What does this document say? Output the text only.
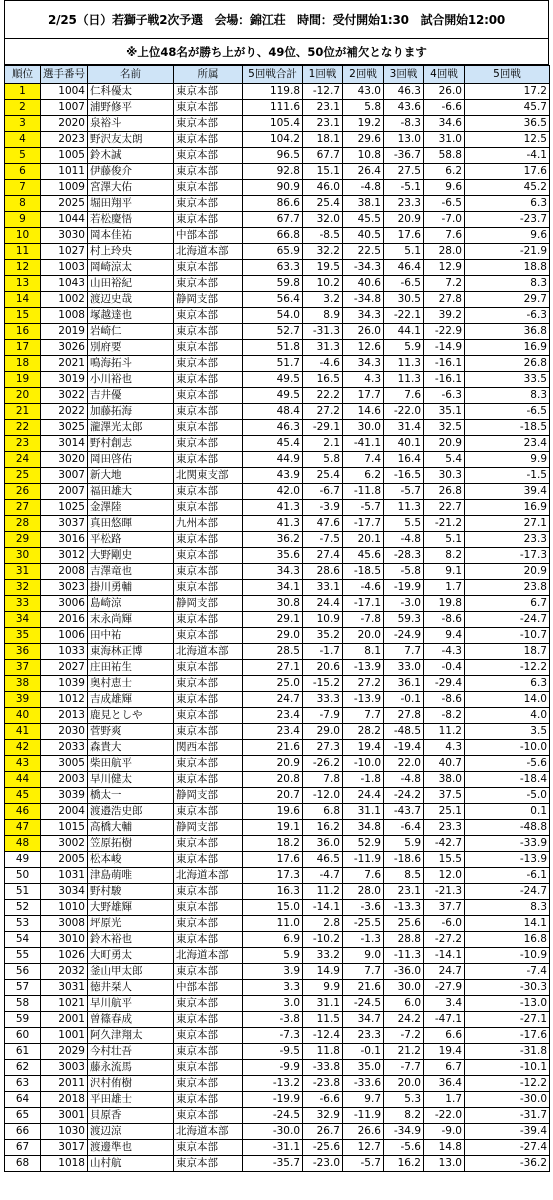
2/25（日）若獅子戦2次予選　会場：錦江荘　時間：受付開始1:30　試合開始12:00
※上位48名が勝ち上がり、49位、50位が補欠となります
順位	選手番号	名前	所属	5回戦合計	1回戦	2回戦	3回戦	4回戦	5回戦
1	1004	仁科優太	東京本部	119.8	-12.7	43.0	46.3	26.0	17.2
2	1007	浦野修平	東京本部	111.6	23.1	5.8	43.6	-6.6	45.7
3	2020	泉裕斗	東京本部	105.4	23.1	19.2	-8.3	34.6	36.5
4	2023	野沢友太朗	東京本部	104.2	18.1	29.6	13.0	31.0	12.5
5	1005	鈴木誠	東京本部	96.5	67.7	10.8	-36.7	58.8	-4.1
6	1011	伊藤俊介	東京本部	92.8	15.1	26.4	27.5	6.2	17.6
7	1009	宮澤大佑	東京本部	90.9	46.0	-4.8	-5.1	9.6	45.2
8	2025	堀田翔平	東京本部	86.6	25.4	38.1	23.3	-6.5	6.3
9	1044	若松慶悟	東京本部	67.7	32.0	45.5	20.9	-7.0	-23.7
10	3030	岡本佳祐	中部本部	66.8	-8.5	40.5	17.6	7.6	9.6
11	1027	村上玲央	北海道本部	65.9	32.2	22.5	5.1	28.0	-21.9
12	1003	岡崎涼太	東京本部	63.3	19.5	-34.3	46.4	12.9	18.8
13	1043	山田裕紀	東京本部	59.8	10.2	40.6	-6.5	7.2	8.3
14	1002	渡辺史哉	静岡支部	56.4	3.2	-34.8	30.5	27.8	29.7
15	1008	塚越達也	東京本部	54.0	8.9	34.3	-22.1	39.2	-6.3
16	2019	岩崎仁	東京本部	52.7	-31.3	26.0	44.1	-22.9	36.8
17	3026	別府要	東京本部	51.8	31.3	12.6	5.9	-14.9	16.9
18	2021	鳴海拓斗	東京本部	51.7	-4.6	34.3	11.3	-16.1	26.8
19	3019	小川裕也	東京本部	49.5	16.5	4.3	11.3	-16.1	33.5
20	3022	吉井優	東京本部	49.5	22.2	17.7	7.6	-6.3	8.3
21	2022	加藤拓海	東京本部	48.4	27.2	14.6	-22.0	35.1	-6.5
22	3025	瀧澤光太郎	東京本部	46.3	-29.1	30.0	31.4	32.5	-18.5
23	3014	野村創志	東京本部	45.4	2.1	-41.1	40.1	20.9	23.4
24	3020	岡田啓佑	東京本部	44.9	5.8	7.4	16.4	5.4	9.9
25	3007	新大地	北関東支部	43.9	25.4	6.2	-16.5	30.3	-1.5
26	2007	福田雄大	東京本部	42.0	-6.7	-11.8	-5.7	26.8	39.4
27	1025	金澤陸	東京本部	41.3	-3.9	-5.7	11.3	22.7	16.9
28	3037	真田悠暉	九州本部	41.3	47.6	-17.7	5.5	-21.2	27.1
29	3016	平松路	東京本部	36.2	-7.5	20.1	-4.8	5.1	23.3
30	3012	大野剛史	東京本部	35.6	27.4	45.6	-28.3	8.2	-17.3
31	2008	吉澤竜也	東京本部	34.3	28.6	-18.5	-5.8	9.1	20.9
32	3023	掛川勇輔	東京本部	34.1	33.1	-4.6	-19.9	1.7	23.8
33	3006	島崎涼	静岡支部	30.8	24.4	-17.1	-3.0	19.8	6.7
34	2016	末永尚輝	東京本部	29.1	10.9	-7.8	59.3	-8.6	-24.7
35	1006	田中祐	東京本部	29.0	35.2	20.0	-24.9	9.4	-10.7
36	1033	東海林正博	北海道本部	28.5	-1.7	8.1	7.7	-4.3	18.7
37	2027	庄田祐生	東京本部	27.1	20.6	-13.9	33.0	-0.4	-12.2
38	1039	奥村恵士	東京本部	25.0	-15.2	27.2	36.1	-29.4	6.3
39	1012	吉成雄輝	東京本部	24.7	33.3	-13.9	-0.1	-8.6	14.0
40	2013	鹿見としや	東京本部	23.4	-7.9	7.7	27.8	-8.2	4.0
41	2030	菅野爽	東京本部	23.4	29.0	28.2	-48.5	11.2	3.5
42	2033	森貴大	関西本部	21.6	27.3	19.4	-19.4	4.3	-10.0
43	3005	柴田航平	東京本部	20.9	-26.2	-10.0	22.0	40.7	-5.6
44	2003	早川健太	東京本部	20.8	7.8	-1.8	-4.8	38.0	-18.4
45	3039	橋太一	静岡支部	20.7	-12.0	24.4	-24.2	37.5	-5.0
46	2004	渡邉浩史郎	東京本部	19.6	6.8	31.1	-43.7	25.1	0.1
47	1015	高橋大輔	静岡支部	19.1	16.2	34.8	-6.4	23.3	-48.8
48	3002	笠原拓樹	東京本部	18.2	36.0	52.9	5.9	-42.7	-33.9
49	2005	松本峻	東京本部	17.6	46.5	-11.9	-18.6	15.5	-13.9
50	1031	津島萌唯	北海道本部	17.3	-4.7	7.6	8.5	12.0	-6.1
51	3034	野村駿	東京本部	16.3	11.2	28.0	23.1	-21.3	-24.7
52	1010	大野雄輝	東京本部	15.0	-14.1	-3.6	-13.3	37.7	8.3
53	3008	坪原光	東京本部	11.0	2.8	-25.5	25.6	-6.0	14.1
54	3010	鈴木裕也	東京本部	6.9	-10.2	-1.3	28.8	-27.2	16.8
55	1026	大町勇太	北海道本部	5.9	33.2	9.0	-11.3	-14.1	-10.9
56	2032	釜山甲太郎	東京本部	3.9	14.9	7.7	-36.0	24.7	-7.4
57	3031	徳井栞人	中部本部	3.3	9.9	21.6	30.0	-27.9	-30.3
58	1021	早川航平	東京本部	3.0	31.1	-24.5	6.0	3.4	-13.0
59	2001	曽篠春成	東京本部	-3.8	11.5	34.7	24.2	-47.1	-27.1
60	1001	阿久津翔太	東京本部	-7.3	-12.4	23.3	-7.2	6.6	-17.6
61	2029	今村壮吾	東京本部	-9.5	11.8	-0.1	21.2	19.4	-31.8
62	3003	藤永流馬	東京本部	-9.9	-33.8	35.0	-7.7	6.7	-10.1
63	2011	沢村侑樹	東京本部	-13.2	-23.8	-33.6	20.0	36.4	-12.2
64	2018	平田雄士	東京本部	-19.9	-6.6	9.7	5.3	1.7	-30.0
65	3001	貝原香	東京本部	-24.5	32.9	-11.9	8.2	-22.0	-31.7
66	1030	渡辺涼	北海道本部	-30.0	26.7	26.6	-34.9	-9.0	-39.4
67	3017	渡邊準也	東京本部	-31.1	-25.6	12.7	-5.6	14.8	-27.4
68	1018	山村航	東京本部	-35.7	-23.0	-5.7	16.2	13.0	-36.2
